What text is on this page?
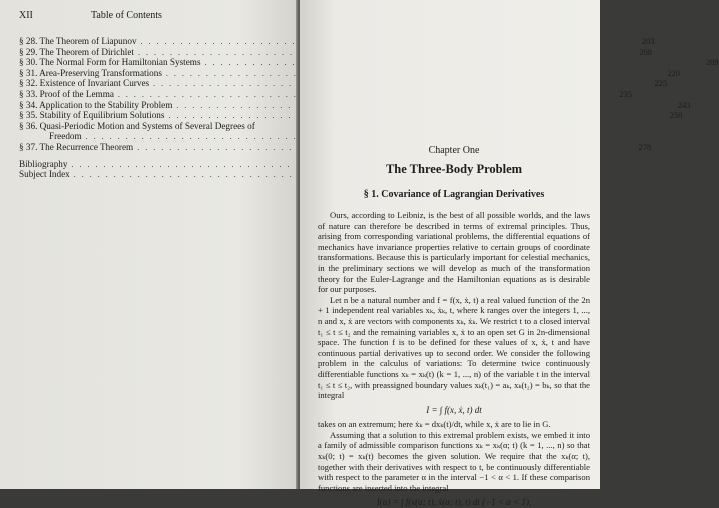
XII	Table of Contents
§ 28. The Theorem of Liapunov . . .	203
§ 29. The Theorem of Dirichlet . . .	208
§ 30. The Normal Form for Hamiltonian Systems . . .	209
§ 31. Area-Preserving Transformations . . .	220
§ 32. Existence of Invariant Curves . . .	225
§ 33. Proof of the Lemma . . .	235
§ 34. Application to the Stability Problem . . .	243
§ 35. Stability of Equilibrium Solutions . . .	250
§ 36. Quasi-Periodic Motion and Systems of Several Degrees of
Freedom
. . .
§ 37. The Recurrence Theorem . . .	278
Bibliography
. . .
Subject Index
. . .
Chapter One
The Three-Body Problem
§ 1. Covariance of Lagrangian Derivatives

Ours, according to Leibniz, is the best of all possible worlds, and the laws of nature can therefore be described in terms of extremal principles. Thus, arising from corresponding variational problems, the differential equations of mechanics have invariance properties relative to certain groups of coordinate transformations. Because this is particularly important for celestial mechanics, in the preliminary sections we will develop as much of the transformation theory for the Euler-Lagrange and the Hamiltonian equations as is desirable for our purposes.

Let n be a natural number and f = f(x, ẋ, t) a real valued function of the 2n + 1 independent real variables xₖ, ẋₖ, t, where k ranges over the integers 1, ..., n and x, ẋ are vectors with components xₖ, ẋₖ. We restrict t to a closed interval t₁ ≤ t ≤ t₂ and the remaining variables x, ẋ to an open set G in 2n-dimensional space. The function f is to be defined for these values of x, ẋ, t and have continuous partial derivatives up to second order. We consider the following problem in the calculus of variations: To determine twice continuously differentiable functions xₖ = xₖ(t) (k = 1, ..., n) of the variable t in the interval t₁ ≤ t ≤ t₂, with preassigned boundary values xₖ(t₁) = aₖ, xₖ(t₂) = bₖ, so that the integral

I = ∫ f(x, ẋ, t) dt

takes on an extremum; here ẋₖ = dxₖ(t)/dt, while x, ẋ are to lie in G.

Assuming that a solution to this extremal problem exists, we embed it into a family of admissible comparison functions xₖ = xₖ(α; t) (k = 1, ..., n) so that xₖ(0; t) = xₖ(t) becomes the given solution. We require that the xₖ(α; t), together with their derivatives with respect to t, be continuously differentiable with respect to the parameter α in the interval −1 < α < 1. If these comparison functions are inserted into the integral

I(α) = ∫ f(x(α; t), ẋ(α; t), t) dt (−1 < α < 1),
